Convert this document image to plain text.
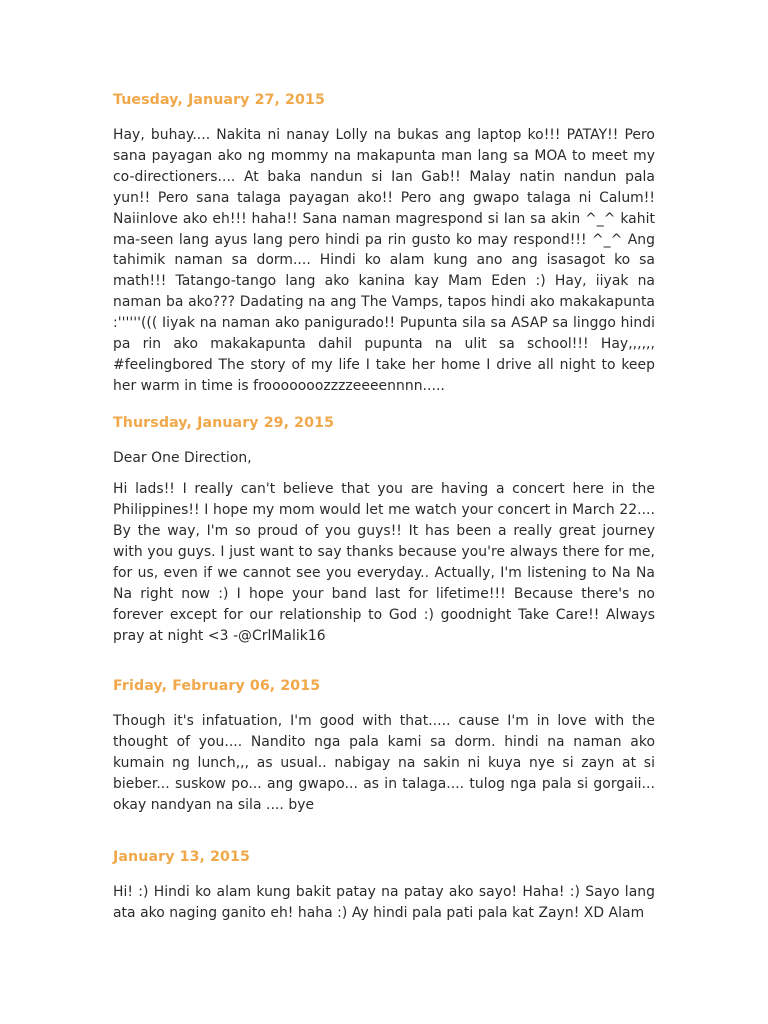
Tuesday, January 27, 2015

Hay, buhay.... Nakita ni nanay Lolly na bukas ang laptop ko!!! PATAY!! Pero sana payagan ako ng mommy na makapunta man lang sa MOA to meet my co-directioners.... At baka nandun si Ian Gab!! Malay natin nandun pala yun!! Pero sana talaga payagan ako!! Pero ang gwapo talaga ni Calum!! Naiinlove ako eh!!! haha!! Sana naman magrespond si Ian sa akin ^_^ kahit ma-seen lang ayus lang pero hindi pa rin gusto ko may respond!!! ^_^ Ang tahimik naman sa dorm.... Hindi ko alam kung ano ang isasagot ko sa math!!! Tatango-tango lang ako kanina kay Mam Eden :) Hay, iiyak na naman ba ako??? Dadating na ang The Vamps, tapos hindi ako makakapunta :''''''((( Iiyak na naman ako panigurado!! Pupunta sila sa ASAP sa linggo hindi pa rin ako makakapunta dahil pupunta na ulit sa school!!! Hay,,,,,, #feelingbored The story of my life I take her home I drive all night to keep her warm in time is frooooooozzzzeeeennnn.....

Thursday, January 29, 2015

Dear One Direction,

Hi lads!! I really can't believe that you are having a concert here in the Philippines!! I hope my mom would let me watch your concert in March 22.... By the way, I'm so proud of you guys!! It has been a really great journey with you guys. I just want to say thanks because you're always there for me, for us, even if we cannot see you everyday.. Actually, I'm listening to Na Na Na right now :) I hope your band last for lifetime!!! Because there's no forever except for our relationship to God :) goodnight Take Care!! Always pray at night <3 -@CrlMalik16

Friday, February 06, 2015

Though it's infatuation, I'm good with that..... cause I'm in love with the thought of you.... Nandito nga pala kami sa dorm. hindi na naman ako kumain ng lunch,,, as usual.. nabigay na sakin ni kuya nye si zayn at si bieber... suskow po... ang gwapo... as in talaga.... tulog nga pala si gorgaii... okay nandyan na sila .... bye

January 13, 2015

Hi! :) Hindi ko alam kung bakit patay na patay ako sayo! Haha! :) Sayo lang ata ako naging ganito eh! haha :) Ay hindi pala pati pala kat Zayn! XD Alam
